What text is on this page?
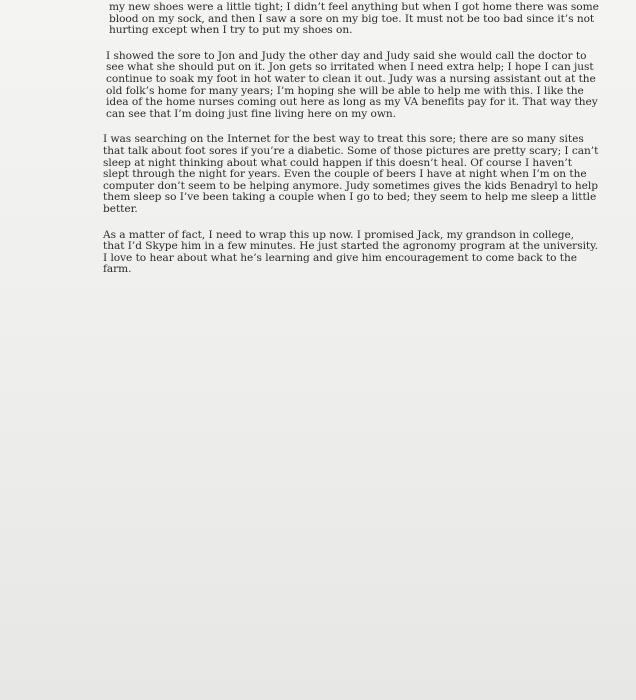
my new shoes were a little tight; I didn’t feel anything but when I got home there was some
blood on my sock, and then I saw a sore on my big toe. It must not be too bad since it’s not
hurting except when I try to put my shoes on.
I showed the sore to Jon and Judy the other day and Judy said she would call the doctor to
see what she should put on it. Jon gets so irritated when I need extra help; I hope I can just
continue to soak my foot in hot water to clean it out. Judy was a nursing assistant out at the
old folk’s home for many years; I’m hoping she will be able to help me with this. I like the
idea of the home nurses coming out here as long as my VA benefits pay for it. That way they
can see that I’m doing just fine living here on my own.
I was searching on the Internet for the best way to treat this sore; there are so many sites
that talk about foot sores if you’re a diabetic. Some of those pictures are pretty scary; I can’t
sleep at night thinking about what could happen if this doesn’t heal. Of course I haven’t
slept through the night for years. Even the couple of beers I have at night when I’m on the
computer don’t seem to be helping anymore. Judy sometimes gives the kids Benadryl to help
them sleep so I’ve been taking a couple when I go to bed; they seem to help me sleep a little
better.
As a matter of fact, I need to wrap this up now. I promised Jack, my grandson in college,
that I’d Skype him in a few minutes. He just started the agronomy program at the university.
I love to hear about what he’s learning and give him encouragement to come back to the
farm.
